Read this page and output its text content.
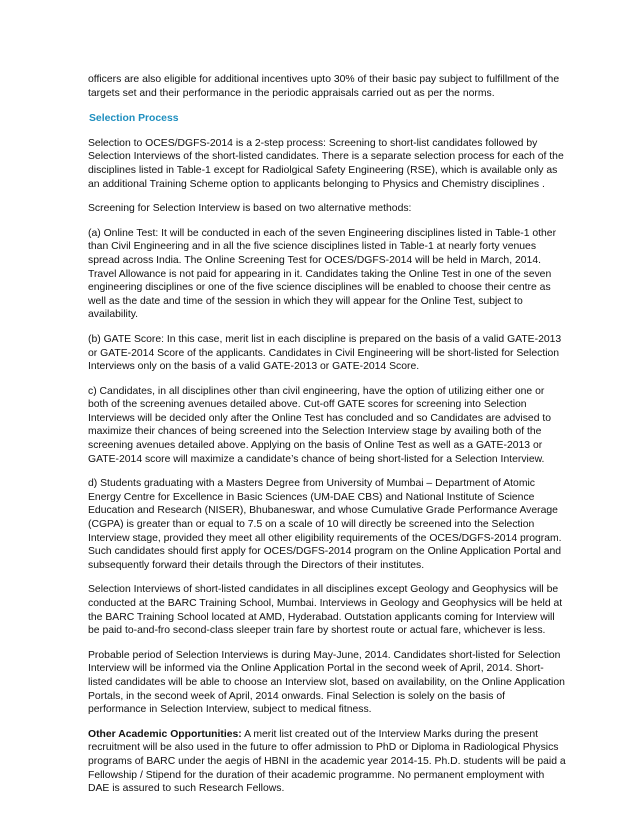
officers are also eligible for additional incentives upto 30% of their basic pay subject to fulfillment of the targets set and their performance in the periodic appraisals carried out as per the norms.

Selection Process

Selection to OCES/DGFS-2014 is a 2-step process: Screening to short-list candidates followed by Selection Interviews of the short-listed candidates. There is a separate selection process for each of the disciplines listed in Table-1 except for Radiolgical Safety Engineering (RSE), which is available only as an additional Training Scheme option to applicants belonging to Physics and Chemistry disciplines .

Screening for Selection Interview is based on two alternative methods:

(a) Online Test: It will be conducted in each of the seven Engineering disciplines listed in Table-1 other than Civil Engineering and in all the five science disciplines listed in Table-1 at nearly forty venues spread across India. The Online Screening Test for OCES/DGFS-2014 will be held in March, 2014. Travel Allowance is not paid for appearing in it. Candidates taking the Online Test in one of the seven engineering disciplines or one of the five science disciplines will be enabled to choose their centre as well as the date and time of the session in which they will appear for the Online Test, subject to availability.

(b) GATE Score: In this case, merit list in each discipline is prepared on the basis of a valid GATE-2013 or GATE-2014 Score of the applicants. Candidates in Civil Engineering will be short-listed for Selection Interviews only on the basis of a valid GATE-2013 or GATE-2014 Score.

c) Candidates, in all disciplines other than civil engineering, have the option of utilizing either one or both of the screening avenues detailed above. Cut-off GATE scores for screening into Selection Interviews will be decided only after the Online Test has concluded and so Candidates are advised to maximize their chances of being screened into the Selection Interview stage by availing both of the screening avenues detailed above. Applying on the basis of Online Test as well as a GATE-2013 or GATE-2014 score will maximize a candidate’s chance of being short-listed for a Selection Interview.

d) Students graduating with a Masters Degree from University of Mumbai – Department of Atomic Energy Centre for Excellence in Basic Sciences (UM-DAE CBS) and National Institute of Science Education and Research (NISER), Bhubaneswar, and whose Cumulative Grade Performance Average (CGPA) is greater than or equal to 7.5 on a scale of 10 will directly be screened into the Selection Interview stage, provided they meet all other eligibility requirements of the OCES/DGFS-2014 program. Such candidates should first apply for OCES/DGFS-2014 program on the Online Application Portal and subsequently forward their details through the Directors of their institutes.

Selection Interviews of short-listed candidates in all disciplines except Geology and Geophysics will be conducted at the BARC Training School, Mumbai. Interviews in Geology and Geophysics will be held at the BARC Training School located at AMD, Hyderabad. Outstation applicants coming for Interview will be paid to-and-fro second-class sleeper train fare by shortest route or actual fare, whichever is less.

Probable period of Selection Interviews is during May-June, 2014. Candidates short-listed for Selection Interview will be informed via the Online Application Portal in the second week of April, 2014. Short-listed candidates will be able to choose an Interview slot, based on availability, on the Online Application Portals, in the second week of April, 2014 onwards. Final Selection is solely on the basis of performance in Selection Interview, subject to medical fitness.

Other Academic Opportunities: A merit list created out of the Interview Marks during the present recruitment will be also used in the future to offer admission to PhD or Diploma in Radiological Physics programs of BARC under the aegis of HBNI in the academic year 2014-15. Ph.D. students will be paid a Fellowship / Stipend for the duration of their academic programme. No permanent employment with DAE is assured to such Research Fellows.
